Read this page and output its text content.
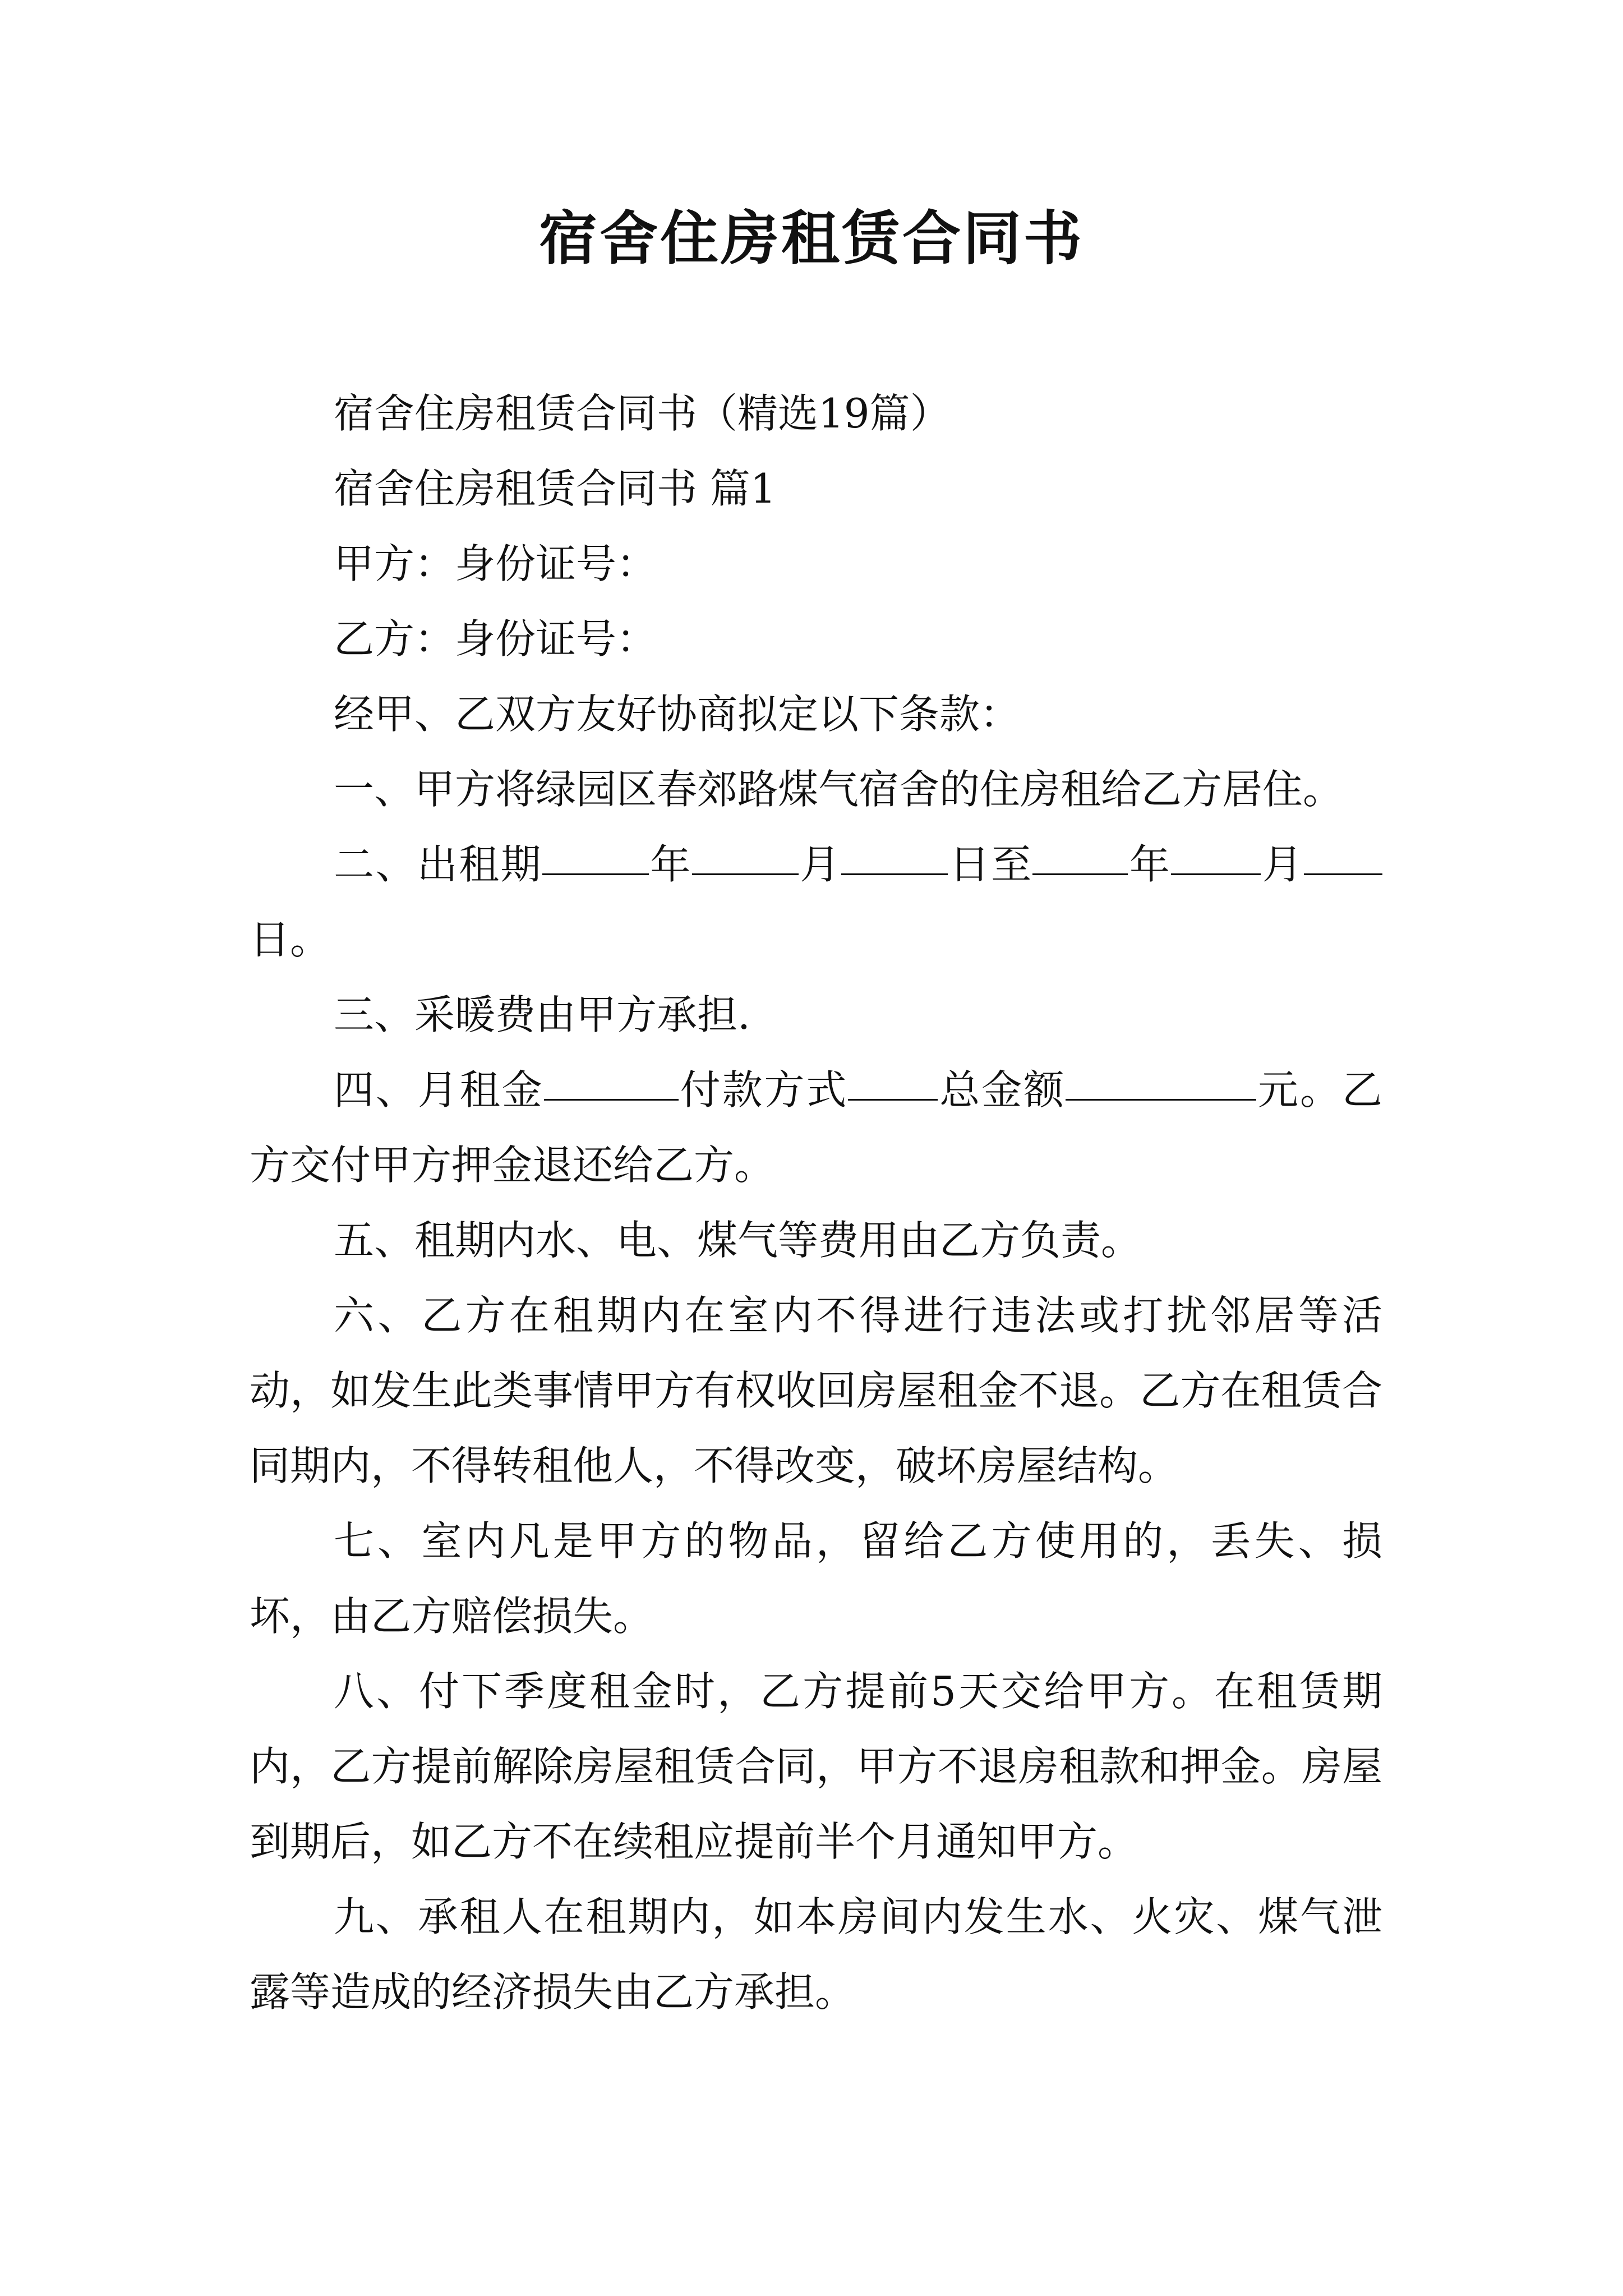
宿舍住房租赁合同书

宿舍住房租赁合同书（精选19篇）

宿舍住房租赁合同书 篇1

甲方：身份证号：

乙方：身份证号：

经甲、乙双方友好协商拟定以下条款：

一、甲方将绿园区春郊路煤气宿舍的住房租给乙方居住。

二、出租期	年	月	日至 年 月日。

三、采暖费由甲方承担.

四、月租金	付款方式 总金额	元。乙方交付甲方押金退还给乙方。

五、租期内水、电、煤气等费用由乙方负责。

六、乙方在租期内在室内不得进行违法或打扰邻居等活动，如发生此类事情甲方有权收回房屋租金不退。乙方在租赁合同期内，不得转租他人，不得改变，破坏房屋结构。

七、室内凡是甲方的物品，留给乙方使用的，丢失、损坏，由乙方赔偿损失。

八、付下季度租金时，乙方提前5天交给甲方。在租赁期内，乙方提前解除房屋租赁合同，甲方不退房租款和押金。房屋到期后，如乙方不在续租应提前半个月通知甲方。

九、承租人在租期内，如本房间内发生水、火灾、煤气泄露等造成的经济损失由乙方承担。
